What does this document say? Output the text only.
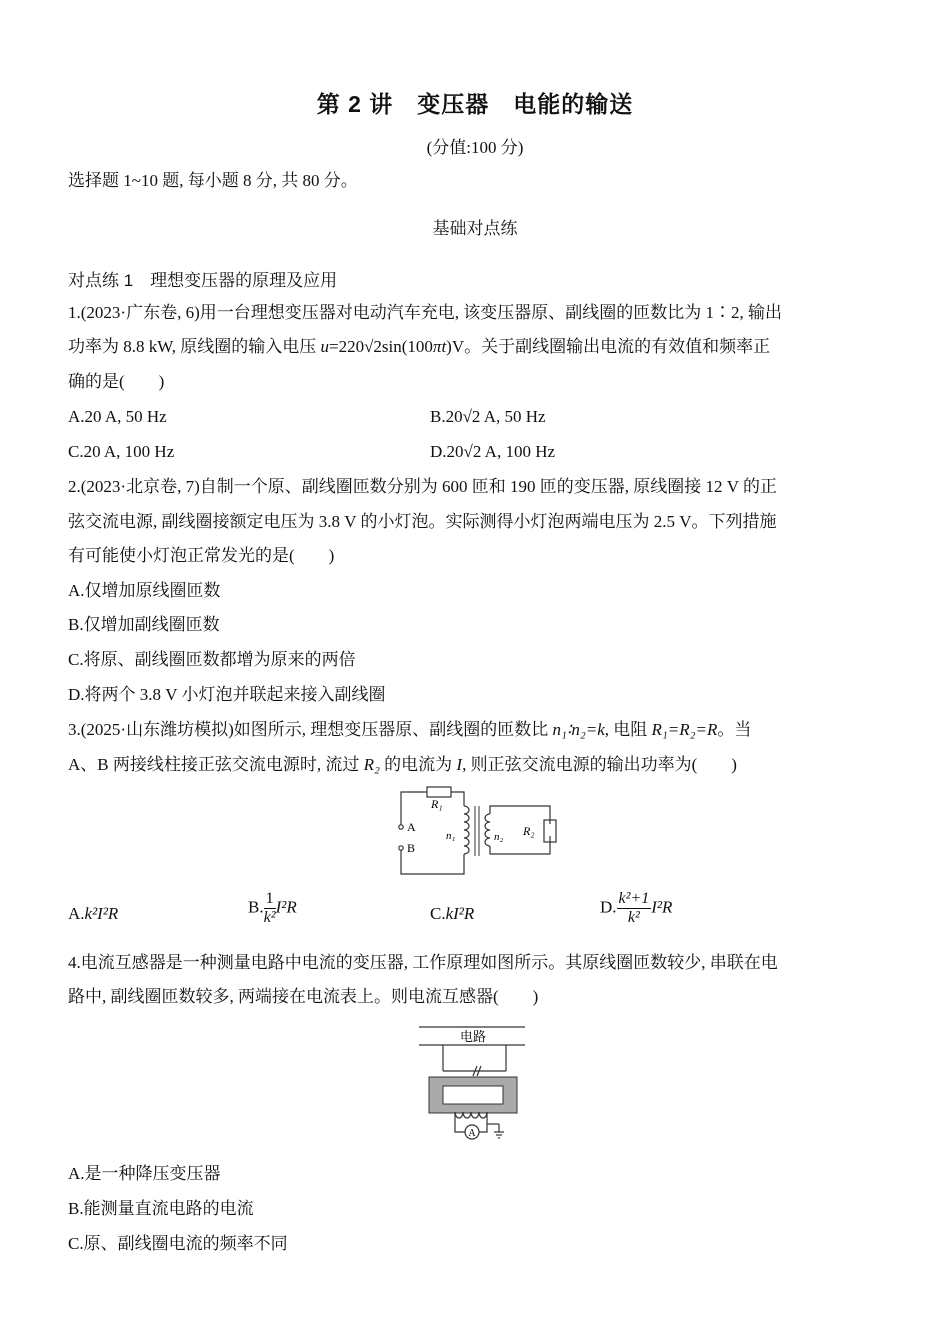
第 2 讲　变压器　电能的输送
(分值:100 分)
选择题 1~10 题, 每小题 8 分, 共 80 分。
基础对点练
对点练 1　理想变压器的原理及应用
1.(2023·广东卷, 6)用一台理想变压器对电动汽车充电, 该变压器原、副线圈的匝数比为 1∶2, 输出
功率为 8.8 kW, 原线圈的输入电压 u=220√2sin(100πt)V。关于副线圈输出电流的有效值和频率正
确的是(　　)
A.20 A, 50 Hz	B.20√2 A, 50 Hz
C.20 A, 100 Hz	D.20√2 A, 100 Hz
2.(2023·北京卷, 7)自制一个原、副线圈匝数分别为 600 匝和 190 匝的变压器, 原线圈接 12 V 的正
弦交流电源, 副线圈接额定电压为 3.8 V 的小灯泡。实际测得小灯泡两端电压为 2.5 V。下列措施
有可能使小灯泡正常发光的是(　　)
A.仅增加原线圈匝数
B.仅增加副线圈匝数
C.将原、副线圈匝数都增为原来的两倍
D.将两个 3.8 V 小灯泡并联起来接入副线圈
3.(2025·山东潍坊模拟)如图所示, 理想变压器原、副线圈的匝数比 n₁∶n₂=k, 电阻 R₁=R₂=R。当
A、B 两接线柱接正弦交流电源时, 流过 R₂ 的电流为 I, 则正弦交流电源的输出功率为(　　)
R₁
A
B
n₁	n₂ R₂
A.k²I²R	B. $\frac{1}{\text{k²}} I^2R$	C.kI²R	D. $\frac{\text{k²+1}}{\text{k²}} I^2R$
4.电流互感器是一种测量电路中电流的变压器, 工作原理如图所示。其原线圈匝数较少, 串联在电
路中, 副线圈匝数较多, 两端接在电流表上。则电流互感器(　　)
电路
A
A.是一种降压变压器
B.能测量直流电路的电流
C.原、副线圈电流的频率不同
